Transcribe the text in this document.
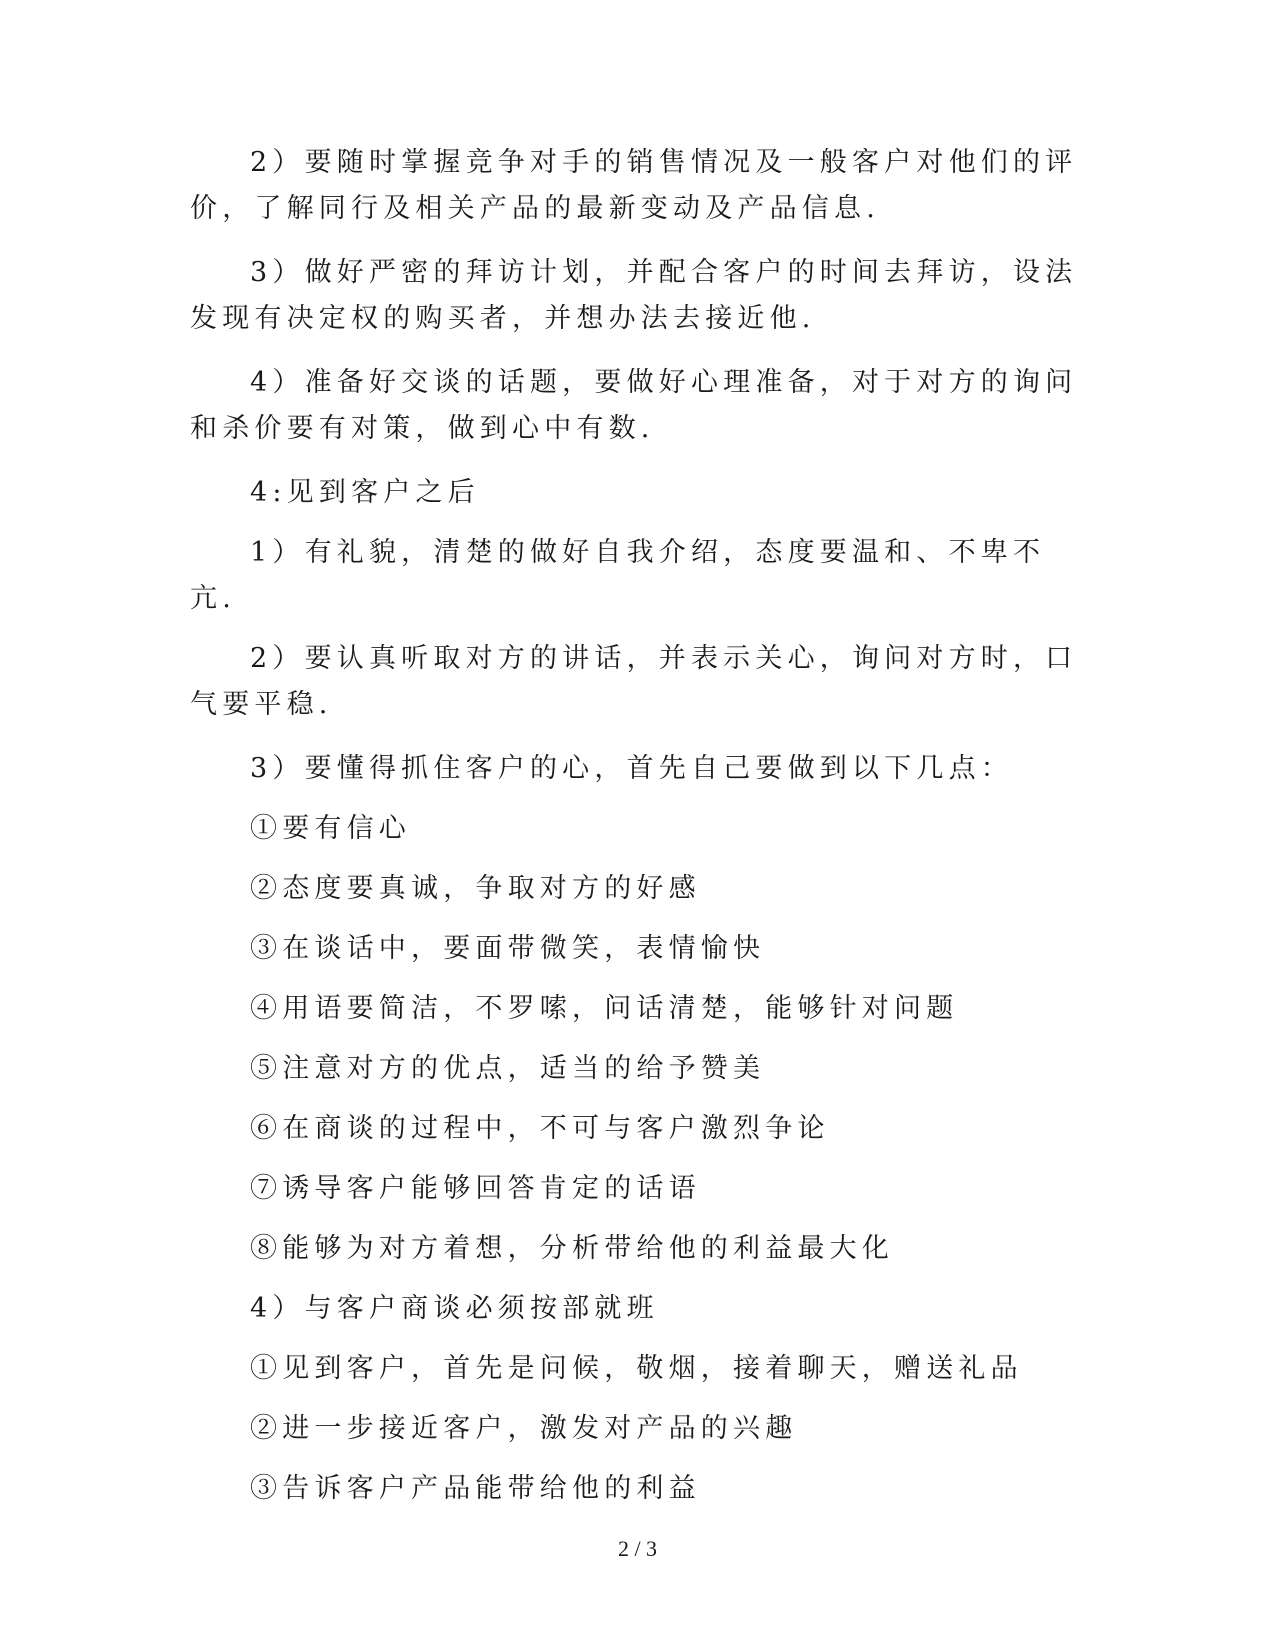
2）要随时掌握竞争对手的销售情况及一般客户对他们的评价，了解同行及相关产品的最新变动及产品信息.

3）做好严密的拜访计划，并配合客户的时间去拜访，设法发现有决定权的购买者，并想办法去接近他.

4）准备好交谈的话题，要做好心理准备，对于对方的询问和杀价要有对策，做到心中有数.

4:见到客户之后

1）有礼貌，清楚的做好自我介绍，态度要温和、不卑不亢.

2）要认真听取对方的讲话，并表示关心，询问对方时，口气要平稳.

3）要懂得抓住客户的心，首先自己要做到以下几点：

①要有信心

②态度要真诚，争取对方的好感

③在谈话中，要面带微笑，表情愉快

④用语要简洁，不罗嗦，问话清楚，能够针对问题

⑤注意对方的优点，适当的给予赞美

⑥在商谈的过程中，不可与客户激烈争论

⑦诱导客户能够回答肯定的话语

⑧能够为对方着想，分析带给他的利益最大化

4）与客户商谈必须按部就班

①见到客户，首先是问候，敬烟，接着聊天，赠送礼品

②进一步接近客户，激发对产品的兴趣

③告诉客户产品能带给他的利益

2 / 3
